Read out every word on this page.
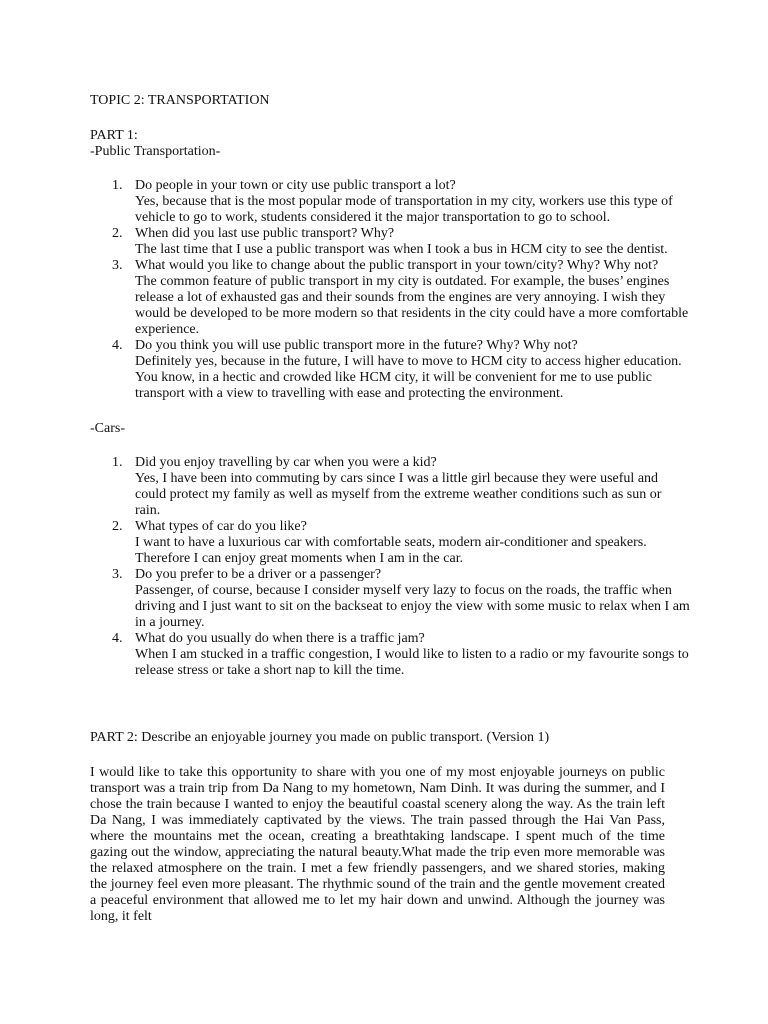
TOPIC 2: TRANSPORTATION

PART 1:

-Public Transportation-

1. Do people in your town or city use public transport a lot?

Yes, because that is the most popular mode of transportation in my city, workers use this type of vehicle to go to work, students considered it the major transportation to go to school.

2. When did you last use public transport? Why?

The last time that I use a public transport was when I took a bus in HCM city to see the dentist.

3. What would you like to change about the public transport in your town/city? Why? Why not?

The common feature of public transport in my city is outdated. For example, the buses’ engines release a lot of exhausted gas and their sounds from the engines are very annoying. I wish they would be developed to be more modern so that residents in the city could have a more comfortable experience.

4. Do you think you will use public transport more in the future? Why? Why not?

Definitely yes, because in the future, I will have to move to HCM city to access higher education. You know, in a hectic and crowded like HCM city, it will be convenient for me to use public transport with a view to travelling with ease and protecting the environment.

-Cars-

1. Did you enjoy travelling by car when you were a kid?

Yes, I have been into commuting by cars since I was a little girl because they were useful and could protect my family as well as myself from the extreme weather conditions such as sun or rain.

2. What types of car do you like?

I want to have a luxurious car with comfortable seats, modern air-conditioner and speakers. Therefore I can enjoy great moments when I am in the car.

3. Do you prefer to be a driver or a passenger?

Passenger, of course, because I consider myself very lazy to focus on the roads, the traffic when driving and I just want to sit on the backseat to enjoy the view with some music to relax when I am in a journey.

4. What do you usually do when there is a traffic jam?

When I am stucked in a traffic congestion, I would like to listen to a radio or my favourite songs to release stress or take a short nap to kill the time.

PART 2: Describe an enjoyable journey you made on public transport. (Version 1)

I would like to take this opportunity to share with you one of my most enjoyable journeys on public transport was a train trip from Da Nang to my hometown, Nam Dinh. It was during the summer, and I chose the train because I wanted to enjoy the beautiful coastal scenery along the way. As the train left Da Nang, I was immediately captivated by the views. The train passed through the Hai Van Pass, where the mountains met the ocean, creating a breathtaking landscape. I spent much of the time gazing out the window, appreciating the natural beauty.What made the trip even more memorable was the relaxed atmosphere on the train. I met a few friendly passengers, and we shared stories, making the journey feel even more pleasant. The rhythmic sound of the train and the gentle movement created a peaceful environment that allowed me to let my hair down and unwind. Although the journey was long, it felt
